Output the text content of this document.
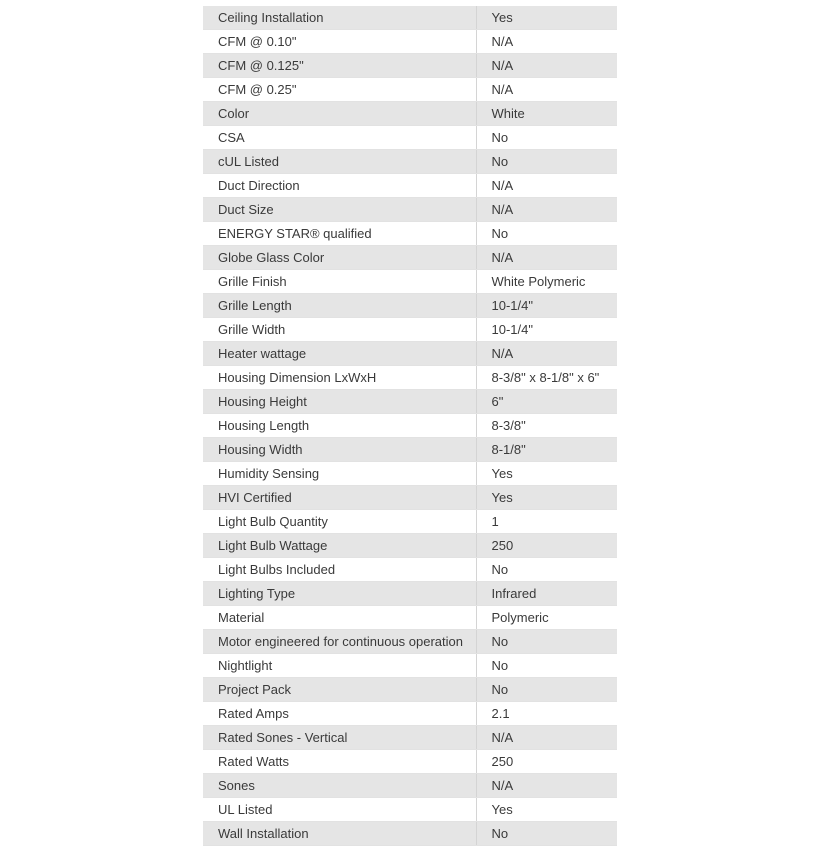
Ceiling Installation	Yes
CFM @ 0.10"	N/A
CFM @ 0.125"	N/A
CFM @ 0.25"	N/A
Color	White
CSA	No
cUL Listed	No
Duct Direction	N/A
Duct Size	N/A
ENERGY STAR® qualified	No
Globe Glass Color	N/A
Grille Finish	White Polymeric
Grille Length	10-1/4"
Grille Width	10-1/4"
Heater wattage	N/A
Housing Dimension LxWxH	8-3/8" x 8-1/8" x 6"
Housing Height	6"
Housing Length	8-3/8"
Housing Width	8-1/8"
Humidity Sensing	Yes
HVI Certified	Yes
Light Bulb Quantity	1
Light Bulb Wattage	250
Light Bulbs Included	No
Lighting Type	Infrared
Material	Polymeric
Motor engineered for continuous operation	No
Nightlight	No
Project Pack	No
Rated Amps	2.1
Rated Sones - Vertical	N/A
Rated Watts	250
Sones	N/A
UL Listed	Yes
Wall Installation	No
